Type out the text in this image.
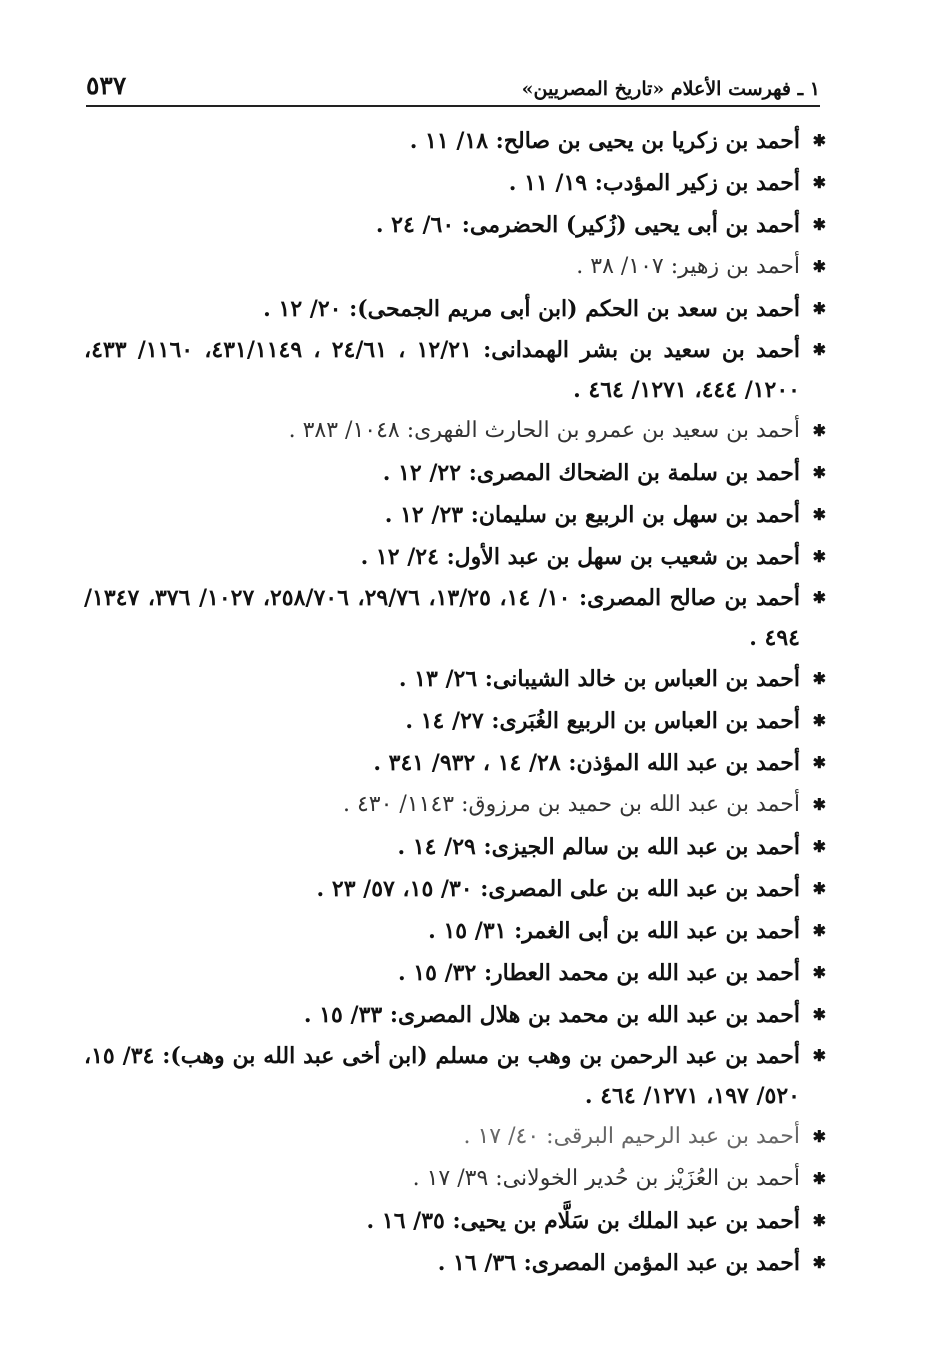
١ ـ فهرست الأعلام «تاريخ المصريين»
٥٣٧
✱
أحمد بن زكريا بن يحيى بن صالح: ١٨/ ١١ .
✱
أحمد بن زكير المؤدب: ١٩/ ١١ .
✱
أحمد بن أبى يحيى (زُكير) الحضرمى: ٦٠/ ٢٤ .
✱
أحمد بن زهير: ١٠٧/ ٣٨ .
✱
أحمد بن سعد بن الحكم (ابن أبى مريم الجمحى): ٢٠/ ١٢ .
✱
أحمد بن سعيد بن بشر الهمدانى: ١٢/٢١ ، ٢٤/٦١ ، ٤٣١/١١٤٩، ١١٦٠/ ٤٣٣، ١٢٠٠/ ٤٤٤، ١٢٧١/ ٤٦٤ .
✱
أحمد بن سعيد بن عمرو بن الحارث الفهرى: ١٠٤٨/ ٣٨٣ .
✱
أحمد بن سلمة بن الضحاك المصرى: ٢٢/ ١٢ .
✱
أحمد بن سهل بن الربيع بن سليمان: ٢٣/ ١٢ .
✱
أحمد بن شعيب بن سهل بن عبد الأول: ٢٤/ ١٢ .
✱
أحمد بن صالح المصرى: ١٠/ ١٤، ١٣/٢٥، ٢٩/٧٦، ٢٥٨/٧٠٦، ١٠٢٧/ ٣٧٦، ١٣٤٧/ ٤٩٤ .
✱
أحمد بن العباس بن خالد الشيبانى: ٢٦/ ١٣ .
✱
أحمد بن العباس بن الربيع الغُبَرى: ٢٧/ ١٤ .
✱
أحمد بن عبد الله المؤذن: ٢٨/ ١٤ ، ٩٣٢/ ٣٤١ .
✱
أحمد بن عبد الله بن حميد بن مرزوق: ١١٤٣/ ٤٣٠ .
✱
أحمد بن عبد الله بن سالم الجيزى: ٢٩/ ١٤ .
✱
أحمد بن عبد الله بن على المصرى: ٣٠/ ١٥، ٥٧/ ٢٣ .
✱
أحمد بن عبد الله بن أبى الغمر: ٣١/ ١٥ .
✱
أحمد بن عبد الله بن محمد العطار: ٣٢/ ١٥ .
✱
أحمد بن عبد الله بن محمد بن هلال المصرى: ٣٣/ ١٥ .
✱
أحمد بن عبد الرحمن بن وهب بن مسلم (ابن أخى عبد الله بن وهب): ٣٤/ ١٥، ٥٢٠/ ١٩٧، ١٢٧١/ ٤٦٤ .
✱
أحمد بن عبد الرحيم البرقى: ٤٠/ ١٧ .
✱
أحمد بن العُزَيْز بن حُدير الخولانى: ٣٩/ ١٧ .
✱
أحمد بن عبد الملك بن سَلَّام بن يحيى: ٣٥/ ١٦ .
✱
أحمد بن عبد المؤمن المصرى: ٣٦/ ١٦ .
